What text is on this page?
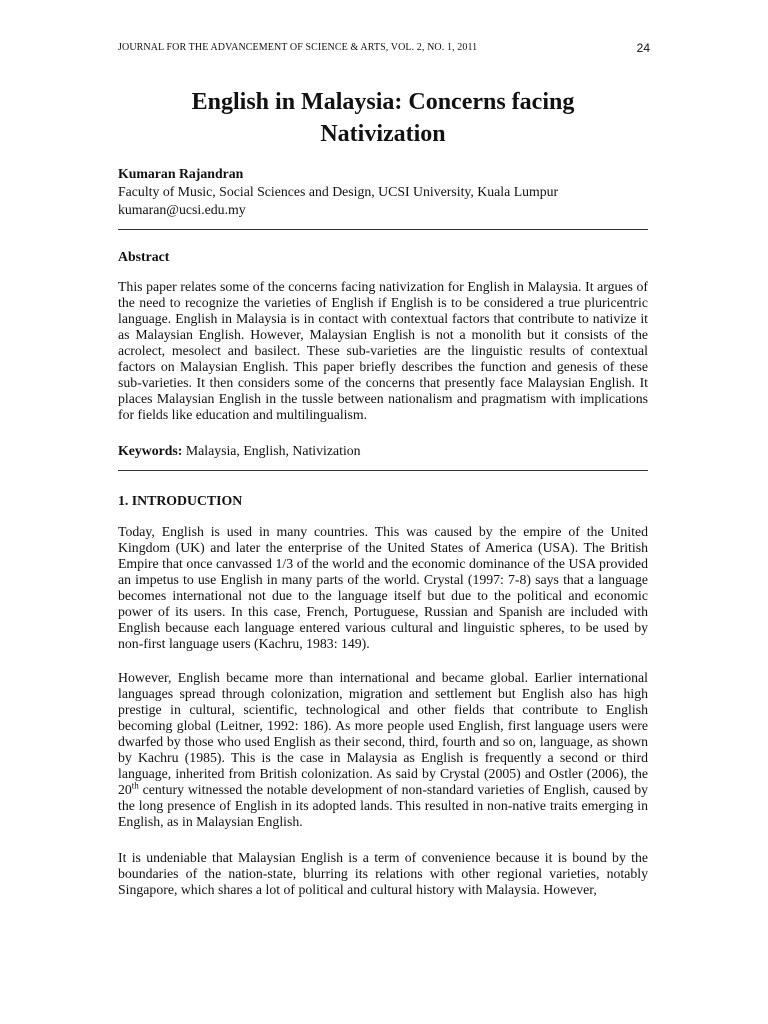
JOURNAL FOR THE ADVANCEMENT OF SCIENCE & ARTS, VOL. 2, NO. 1, 2011	24
English in Malaysia: Concerns facing
Nativization
Kumaran Rajandran
Faculty of Music, Social Sciences and Design, UCSI University, Kuala Lumpur
kumaran@ucsi.edu.my
Abstract
This paper relates some of the concerns facing nativization for English in Malaysia. It argues of the need to recognize the varieties of English if English is to be considered a true pluricentric language. English in Malaysia is in contact with contextual factors that contribute to nativize it as Malaysian English. However, Malaysian English is not a monolith but it consists of the acrolect, mesolect and basilect. These sub-varieties are the linguistic results of contextual factors on Malaysian English. This paper briefly describes the function and genesis of these sub-varieties. It then considers some of the concerns that presently face Malaysian English. It places Malaysian English in the tussle between nationalism and pragmatism with implications for fields like education and multilingualism.
Keywords: Malaysia, English, Nativization
1. INTRODUCTION
Today, English is used in many countries. This was caused by the empire of the United Kingdom (UK) and later the enterprise of the United States of America (USA). The British Empire that once canvassed 1/3 of the world and the economic dominance of the USA provided an impetus to use English in many parts of the world. Crystal (1997: 7-8) says that a language becomes international not due to the language itself but due to the political and economic power of its users. In this case, French, Portuguese, Russian and Spanish are included with English because each language entered various cultural and linguistic spheres, to be used by non-first language users (Kachru, 1983: 149).
However, English became more than international and became global. Earlier international languages spread through colonization, migration and settlement but English also has high prestige in cultural, scientific, technological and other fields that contribute to English becoming global (Leitner, 1992: 186). As more people used English, first language users were dwarfed by those who used English as their second, third, fourth and so on, language, as shown by Kachru (1985). This is the case in Malaysia as English is frequently a second or third language, inherited from British colonization. As said by Crystal (2005) and Ostler (2006), the 20th century witnessed the notable development of non-standard varieties of English, caused by the long presence of English in its adopted lands. This resulted in non-native traits emerging in English, as in Malaysian English.
It is undeniable that Malaysian English is a term of convenience because it is bound by the boundaries of the nation-state, blurring its relations with other regional varieties, notably Singapore, which shares a lot of political and cultural history with Malaysia. However,
